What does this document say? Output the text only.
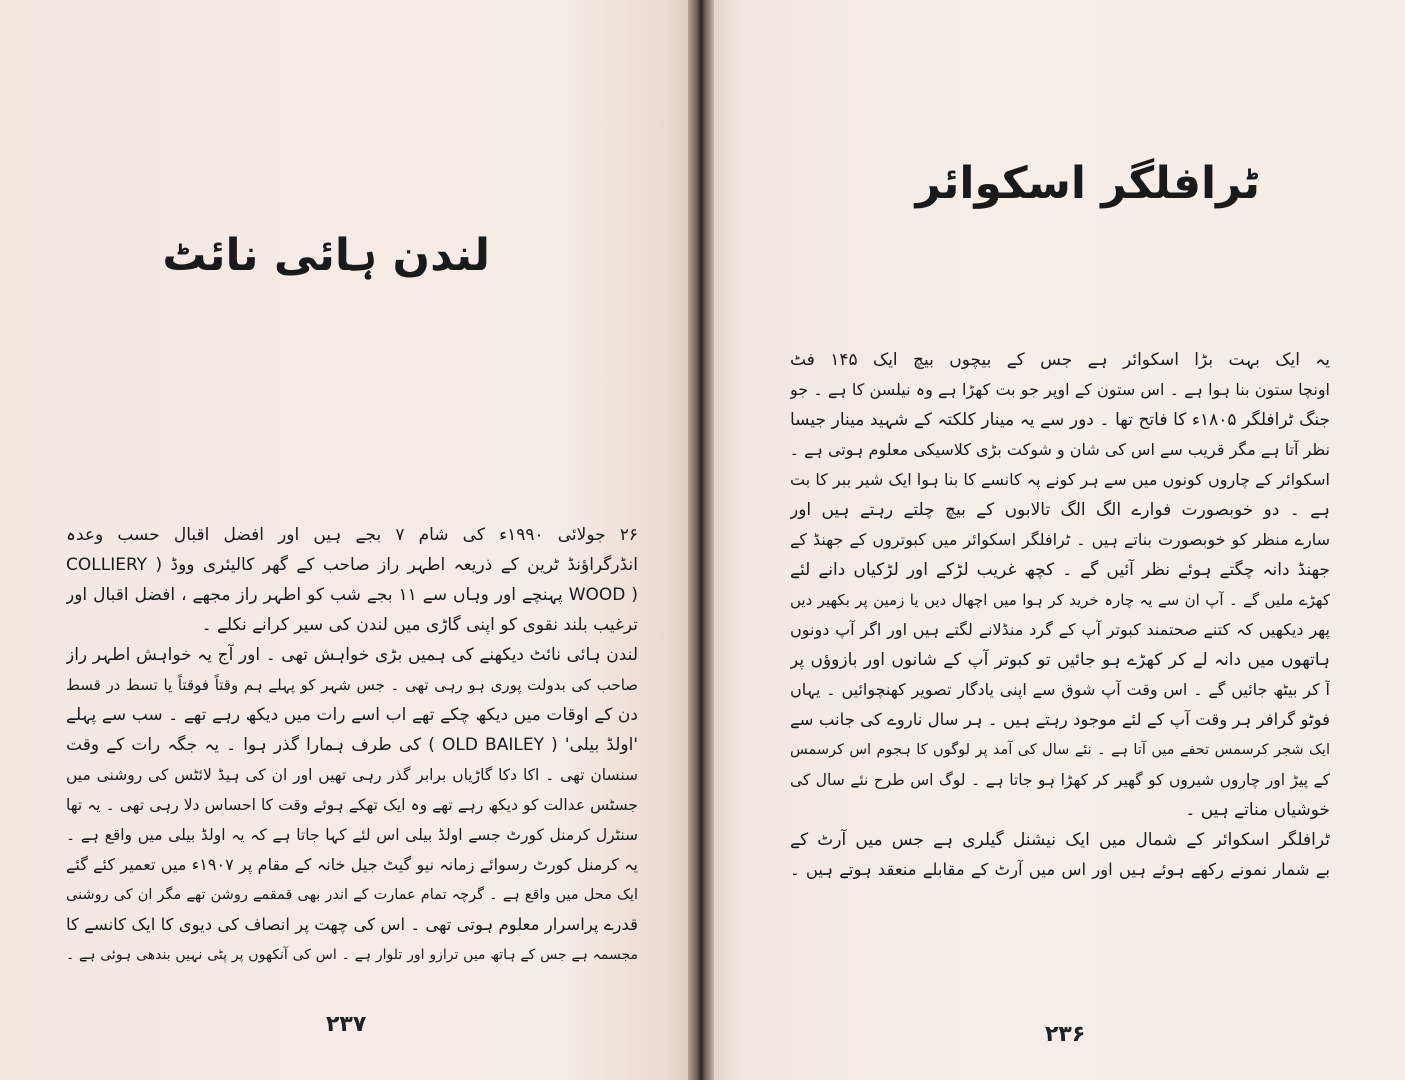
لندن ہائی نائٹ
۲۶ جولائی ۱۹۹۰ء کی شام ۷ بجے ہیں اور افضل اقبال حسب وعدہ
انڈرگراؤنڈ ٹرین کے ذریعہ اطہر راز صاحب کے گھر کالیئری ووڈ ( COLLIERY
( WOOD پہنچے اور وہاں سے ۱۱ بجے شب کو اطہر راز مجھے ، افضل اقبال اور
ترغیب بلند نقوی کو اپنی گاڑی میں لندن کی سیر کرانے نکلے ۔
لندن ہائی نائٹ دیکھنے کی ہمیں بڑی خواہش تھی ۔ اور آج یہ خواہش اطہر راز
صاحب کی بدولت پوری ہو رہی تھی ۔ جس شہر کو پہلے ہم وقتاً فوقتاً یا تسط در قسط
دن کے اوقات میں دیکھ چکے تھے اب اسے رات میں دیکھ رہے تھے ۔ سب سے پہلے
'اولڈ بیلی' ( OLD BAILEY ) کی طرف ہمارا گذر ہوا ۔ یہ جگہ رات کے وقت
سنسان تھی ۔ اکا دکا گاڑیاں برابر گذر رہی تھیں اور ان کی ہیڈ لائٹس کی روشنی میں
جسٹس عدالت کو دیکھ رہے تھے وہ ایک تھکے ہوئے وقت کا احساس دلا رہی تھی ۔ یہ تھا
سنٹرل کرمنل کورٹ جسے اولڈ بیلی اس لئے کہا جاتا ہے کہ یہ اولڈ بیلی میں واقع ہے ۔
یہ کرمنل کورٹ رسوائے زمانہ نیو گیٹ جیل خانہ کے مقام پر ۱۹۰۷ء میں تعمیر کئے گئے
ایک محل میں واقع ہے ۔ گرچہ تمام عمارت کے اندر بھی قمقمے روشن تھے مگر ان کی روشنی
قدرے پراسرار معلوم ہوتی تھی ۔ اس کی چھت پر انصاف کی دیوی کا ایک کانسے کا
مجسمہ ہے جس کے ہاتھ میں ترازو اور تلوار ہے ۔ اس کی آنکھوں پر پٹی نہیں بندھی ہوئی ہے ۔
۲۳۷
ٹرافلگر اسکوائر
یہ ایک بہت بڑا اسکوائر ہے جس کے بیچوں بیچ ایک ۱۴۵ فٹ
اونچا ستون بنا ہوا ہے ۔ اس ستون کے اوپر جو بت کھڑا ہے وہ نیلسن کا ہے ۔ جو
جنگ ٹرافلگر ۱۸۰۵ء کا فاتح تھا ۔ دور سے یہ مینار کلکتہ کے شہید مینار جیسا
نظر آتا ہے مگر قریب سے اس کی شان و شوکت بڑی کلاسیکی معلوم ہوتی ہے ۔
اسکوائر کے چاروں کونوں میں سے ہر کونے پہ کانسے کا بنا ہوا ایک شیر ببر کا بت
ہے ۔ دو خوبصورت فوارے الگ الگ تالابوں کے بیچ چلتے رہتے ہیں اور
سارے منظر کو خوبصورت بناتے ہیں ۔ ٹرافلگر اسکوائر میں کبوتروں کے جھنڈ کے
جھنڈ دانہ چگتے ہوئے نظر آئیں گے ۔ کچھ غریب لڑکے اور لڑکیاں دانے لئے
کھڑے ملیں گے ۔ آپ ان سے یہ چارہ خرید کر ہوا میں اچھال دیں یا زمین پر بکھیر دیں
پھر دیکھیں کہ کتنے صحتمند کبوتر آپ کے گرد منڈلانے لگتے ہیں اور اگر آپ دونوں
ہاتھوں میں دانہ لے کر کھڑے ہو جائیں تو کبوتر آپ کے شانوں اور بازوؤں پر
آ کر بیٹھ جائیں گے ۔ اس وقت آپ شوق سے اپنی یادگار تصویر کھنچوائیں ۔ یہاں
فوٹو گرافر ہر وقت آپ کے لئے موجود رہتے ہیں ۔ ہر سال ناروے کی جانب سے
ایک شجر کرسمس تحفے میں آتا ہے ۔ نئے سال کی آمد پر لوگوں کا ہجوم اس کرسمس
کے پیڑ اور چاروں شیروں کو گھیر کر کھڑا ہو جاتا ہے ۔ لوگ اس طرح نئے سال کی
خوشیاں مناتے ہیں ۔
ٹرافلگر اسکوائر کے شمال میں ایک نیشنل گیلری ہے جس میں آرٹ کے
بے شمار نمونے رکھے ہوئے ہیں اور اس میں آرٹ کے مقابلے منعقد ہوتے ہیں ۔
۲۳۶
